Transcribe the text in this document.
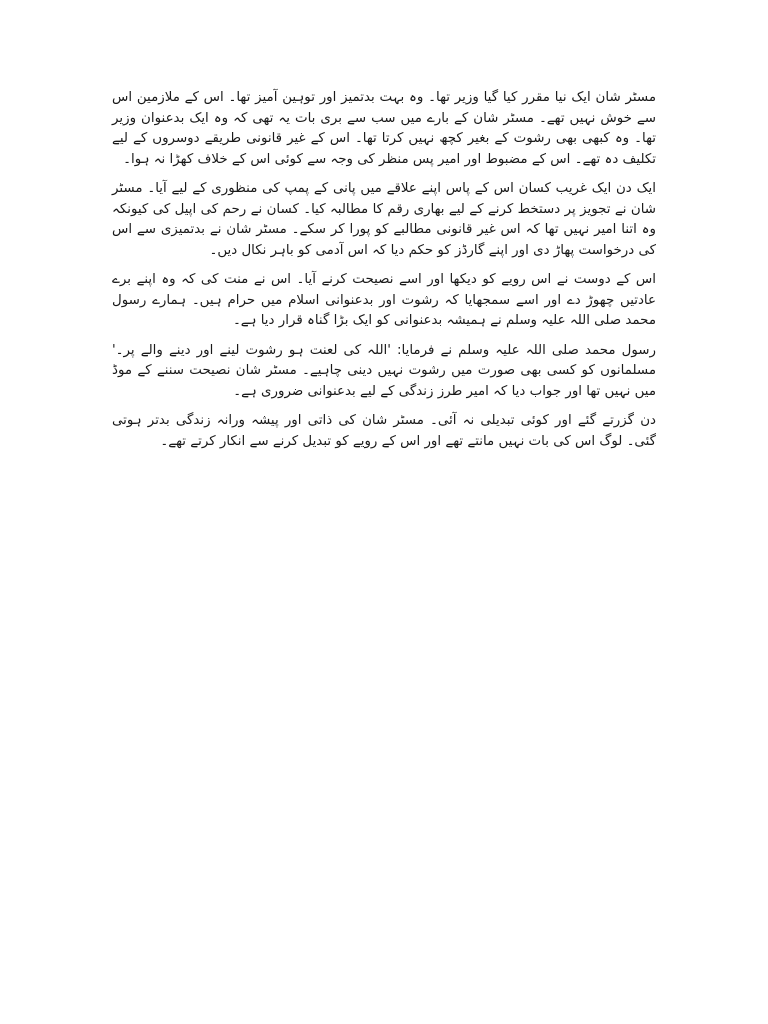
مسٹر شان ایک نیا مقرر کیا گیا وزیر تھا۔ وہ بہت بدتمیز اور توہین آمیز تھا۔ اس کے ملازمین اس سے خوش نہیں تھے۔ مسٹر شان کے بارے میں سب سے بری بات یہ تھی کہ وہ ایک بدعنوان وزیر تھا۔ وہ کبھی بھی رشوت کے بغیر کچھ نہیں کرتا تھا۔ اس کے غیر قانونی طریقے دوسروں کے لیے تکلیف دہ تھے۔ اس کے مضبوط اور امیر پس منظر کی وجہ سے کوئی اس کے خلاف کھڑا نہ ہوا۔

ایک دن ایک غریب کسان اس کے پاس اپنے علاقے میں پانی کے پمپ کی منظوری کے لیے آیا۔ مسٹر شان نے تجویز پر دستخط کرنے کے لیے بھاری رقم کا مطالبہ کیا۔ کسان نے رحم کی اپیل کی کیونکہ وہ اتنا امیر نہیں تھا کہ اس غیر قانونی مطالبے کو پورا کر سکے۔ مسٹر شان نے بدتمیزی سے اس کی درخواست پھاڑ دی اور اپنے گارڈز کو حکم دیا کہ اس آدمی کو باہر نکال دیں۔

اس کے دوست نے اس رویے کو دیکھا اور اسے نصیحت کرنے آیا۔ اس نے منت کی کہ وہ اپنے برے عادتیں چھوڑ دے اور اسے سمجھایا کہ رشوت اور بدعنوانی اسلام میں حرام ہیں۔ ہمارے رسول محمد صلی اللہ علیہ وسلم نے ہمیشہ بدعنوانی کو ایک بڑا گناہ قرار دیا ہے۔

رسول محمد صلی اللہ علیہ وسلم نے فرمایا: 'اللہ کی لعنت ہو رشوت لینے اور دینے والے پر۔' مسلمانوں کو کسی بھی صورت میں رشوت نہیں دینی چاہیے۔ مسٹر شان نصیحت سننے کے موڈ میں نہیں تھا اور جواب دیا کہ امیر طرز زندگی کے لیے بدعنوانی ضروری ہے۔

دن گزرتے گئے اور کوئی تبدیلی نہ آئی۔ مسٹر شان کی ذاتی اور پیشہ ورانہ زندگی بدتر ہوتی گئی۔ لوگ اس کی بات نہیں مانتے تھے اور اس کے رویے کو تبدیل کرنے سے انکار کرتے تھے۔
